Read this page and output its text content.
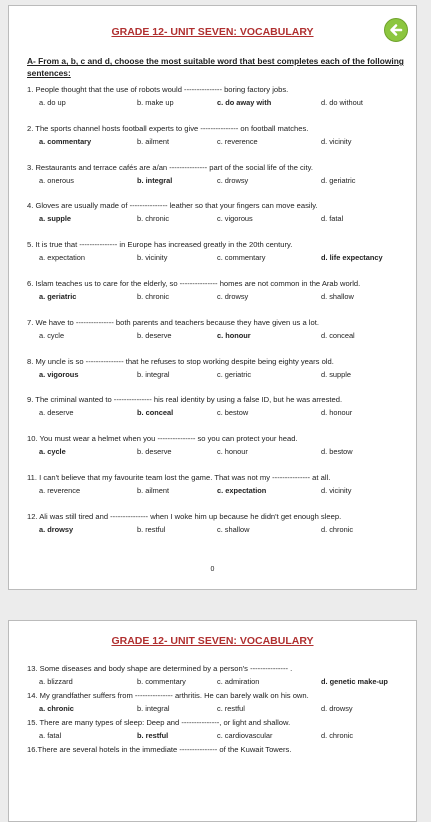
GRADE 12- UNIT SEVEN: VOCABULARY
A- From a, b, c and d, choose the most suitable word that best completes each of the following sentences:
1. People thought that the use of robots would --------------- boring factory jobs.
a. do up	b. make up	c. do away with	d. do without
2. The sports channel hosts football experts to give --------------- on football matches.
a. commentary	b. ailment	c. reverence	d. vicinity
3. Restaurants and terrace cafés are a/an --------------- part of the social life of the city.
a. onerous	b. integral	c. drowsy	d. geriatric
4. Gloves are usually made of --------------- leather so that your fingers can move easily.
a. supple	b. chronic	c. vigorous	d. fatal
5. It is true that --------------- in Europe has increased greatly in the 20th century.
a. expectation	b. vicinity	c. commentary	d. life expectancy
6. Islam teaches us to care for the elderly, so --------------- homes are not common in the Arab world.
a. geriatric	b. chronic	c. drowsy	d. shallow
7. We have to --------------- both parents and teachers because they have given us a lot.
a. cycle	b. deserve	c. honour	d. conceal
8. My uncle is so --------------- that he refuses to stop working despite being eighty years old.
a. vigorous	b. integral	c. geriatric	d. supple
9. The criminal wanted to --------------- his real identity by using a false ID, but he was arrested.
a. deserve	b. conceal	c. bestow	d. honour
10. You must wear a helmet when you --------------- so you can protect your head.
a. cycle	b. deserve	c. honour	d. bestow
11. I can't believe that my favourite team lost the game. That was not my --------------- at all.
a. reverence	b. ailment	c. expectation	d. vicinity
12. Ali was still tired and --------------- when I woke him up because he didn't get enough sleep.
a. drowsy	b. restful	c. shallow	d. chronic
0
GRADE 12- UNIT SEVEN: VOCABULARY
13. Some diseases and body shape are determined by a person's --------------- .
a. blizzard	b. commentary	c. admiration	d. genetic make-up
14. My grandfather suffers from --------------- arthritis. He can barely walk on his own.
a. chronic	b. integral	c. restful	d. drowsy
15. There are many types of sleep: Deep and ---------------, or light and shallow.
a. fatal	b. restful	c. cardiovascular	d. chronic
16.There are several hotels in the immediate --------------- of the Kuwait Towers.
